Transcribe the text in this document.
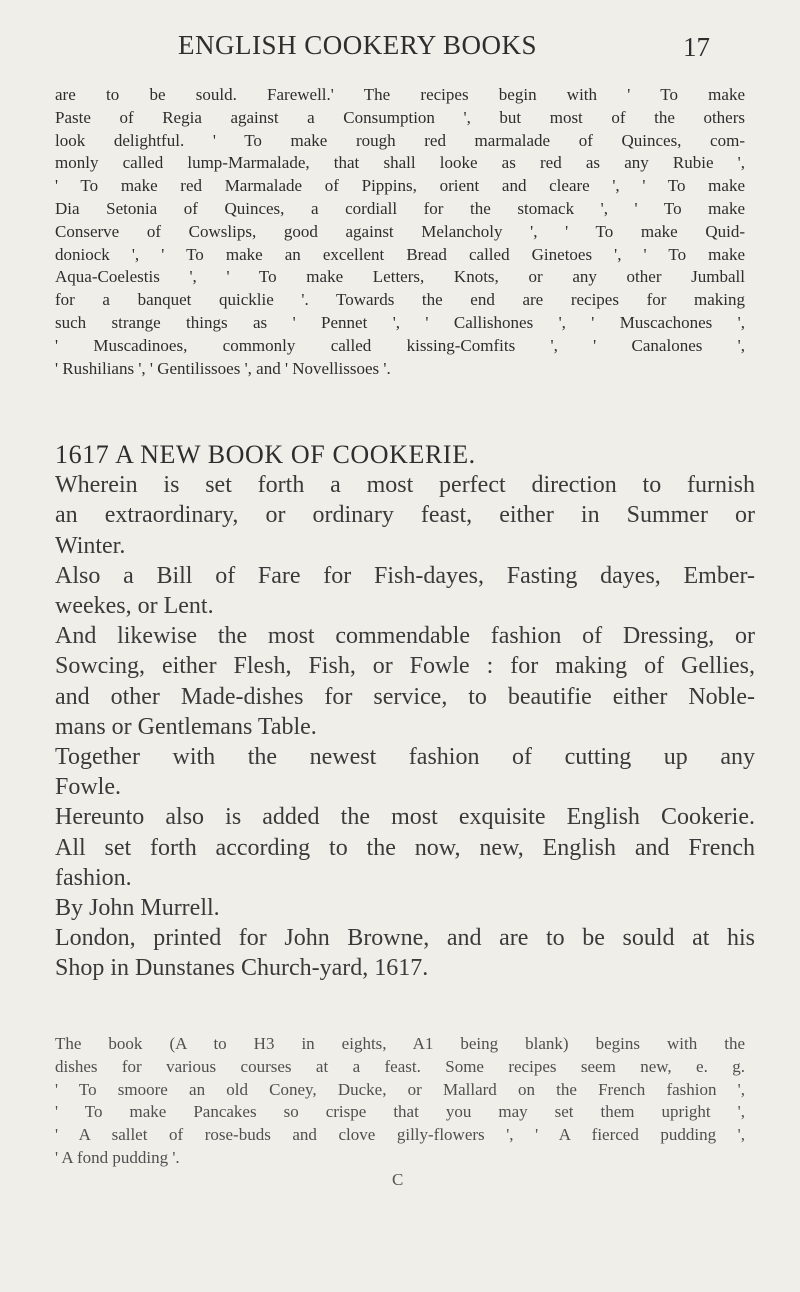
ENGLISH COOKERY BOOKS	17
are to be sould. Farewell.' The recipes begin with ' To make
Paste of Regia against a Consumption ', but most of the others
look delightful. ' To make rough red marmalade of Quinces, com-
monly called lump-Marmalade, that shall looke as red as any Rubie ',
' To make red Marmalade of Pippins, orient and cleare ', ' To make
Dia Setonia of Quinces, a cordiall for the stomack ', ' To make
Conserve of Cowslips, good against Melancholy ', ' To make Quid-
doniock ', ' To make an excellent Bread called Ginetoes ', ' To make
Aqua-Coelestis ', ' To make Letters, Knots, or any other Jumball
for a banquet quicklie '. Towards the end are recipes for making
such strange things as ' Pennet ', ' Callishones ', ' Muscachones ',
' Muscadinoes, commonly called kissing-Comfits ', ' Canalones ',
' Rushilians ', ' Gentilissoes ', and ' Novellissoes '.
1617 A NEW BOOK OF COOKERIE.
Wherein is set forth a most perfect direction to furnish
an extraordinary, or ordinary feast, either in Summer or
Winter.
Also a Bill of Fare for Fish-dayes, Fasting dayes, Ember-
weekes, or Lent.
And likewise the most commendable fashion of Dressing, or
Sowcing, either Flesh, Fish, or Fowle : for making of Gellies,
and other Made-dishes for service, to beautifie either Noble-
mans or Gentlemans Table.
Together with the newest fashion of cutting up any
Fowle.
Hereunto also is added the most exquisite English Cookerie.
All set forth according to the now, new, English and French
fashion.
By John Murrell.
London, printed for John Browne, and are to be sould at his
Shop in Dunstanes Church-yard, 1617.
The book (A to H3 in eights, A1 being blank) begins with the
dishes for various courses at a feast. Some recipes seem new, e. g.
' To smoore an old Coney, Ducke, or Mallard on the French fashion ',
' To make Pancakes so crispe that you may set them upright ',
' A sallet of rose-buds and clove gilly-flowers ', ' A fierced pudding ',
' A fond pudding '.
C
